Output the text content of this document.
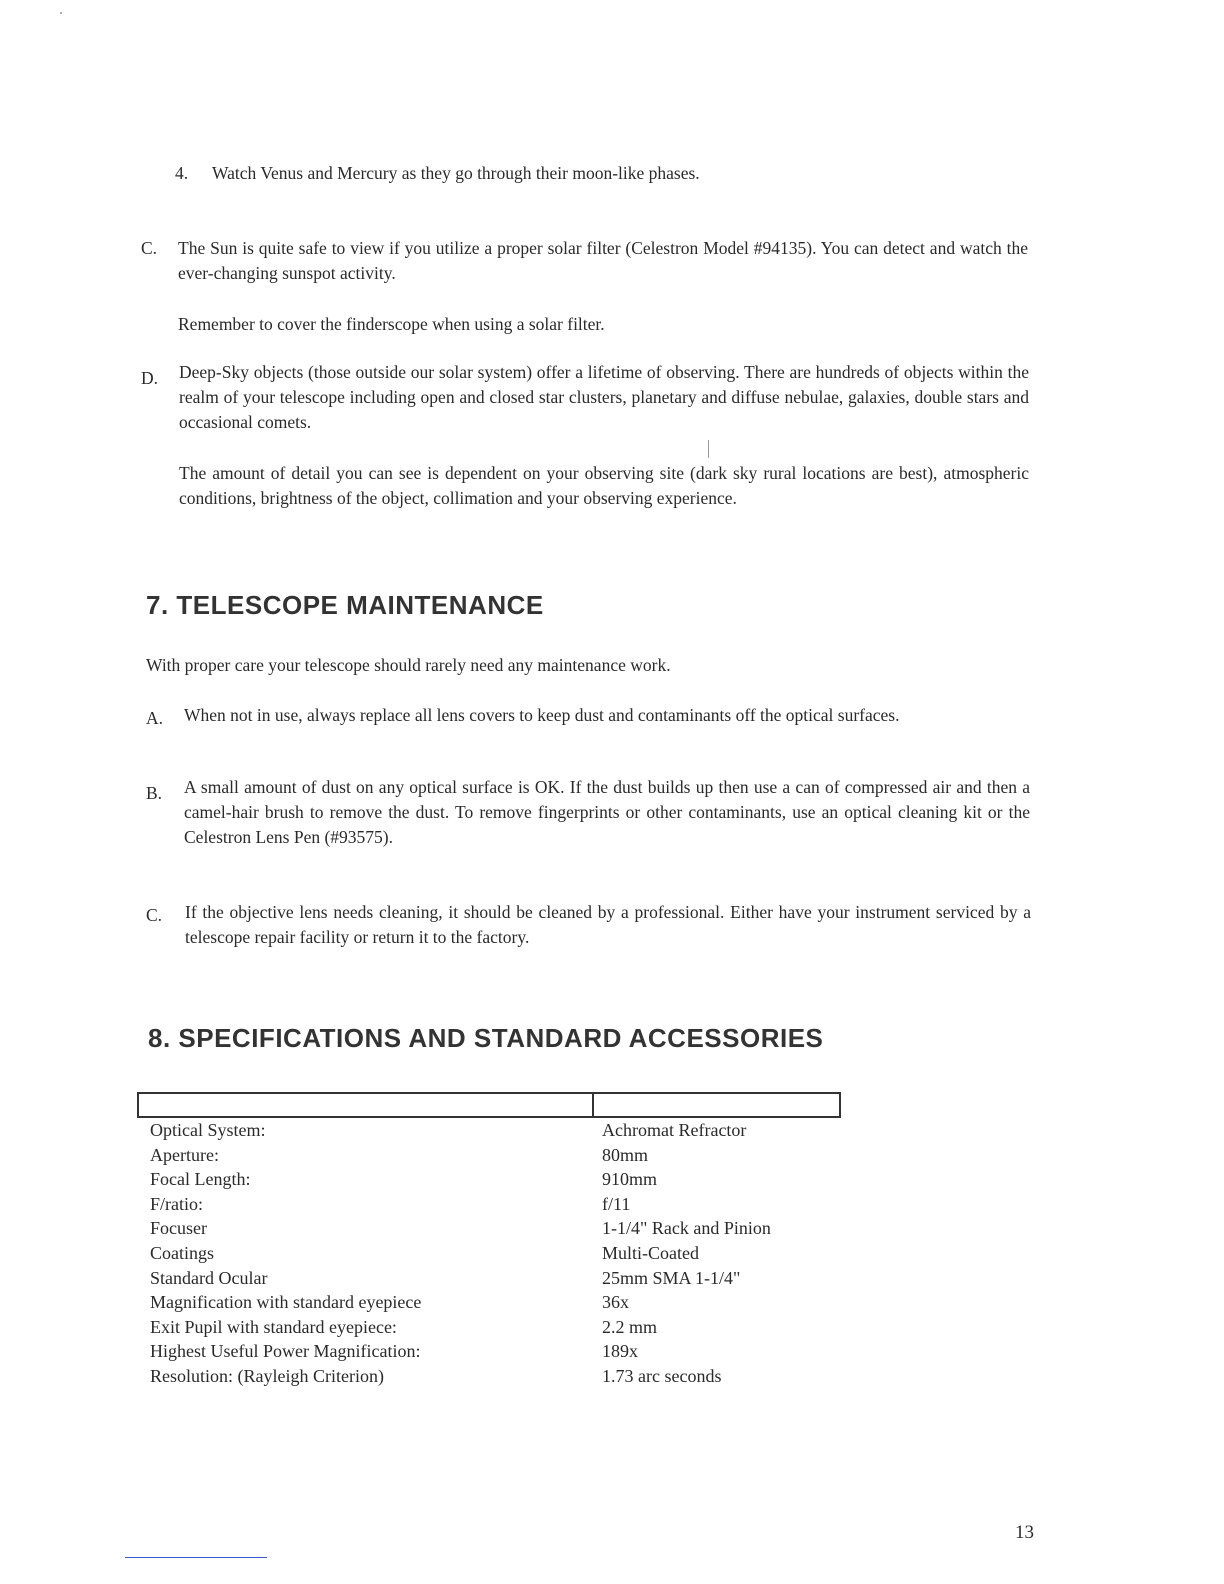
4. Watch Venus and Mercury as they go through their moon-like phases.
C. The Sun is quite safe to view if you utilize a proper solar filter (Celestron Model #94135). You can detect and watch the ever-changing sunspot activity.
Remember to cover the finderscope when using a solar filter.
D. Deep-Sky objects (those outside our solar system) offer a lifetime of observing. There are hundreds of objects within the realm of your telescope including open and closed star clusters, planetary and diffuse nebulae, galaxies, double stars and occasional comets.
The amount of detail you can see is dependent on your observing site (dark sky rural locations are best), atmospheric conditions, brightness of the object, collimation and your observing experience.
7. TELESCOPE MAINTENANCE
With proper care your telescope should rarely need any maintenance work.
A. When not in use, always replace all lens covers to keep dust and contaminants off the optical surfaces.
B. A small amount of dust on any optical surface is OK. If the dust builds up then use a can of compressed air and then a camel-hair brush to remove the dust. To remove fingerprints or other contaminants, use an optical cleaning kit or the Celestron Lens Pen (#93575).
C. If the objective lens needs cleaning, it should be cleaned by a professional. Either have your instrument serviced by a telescope repair facility or return it to the factory.
8. SPECIFICATIONS AND STANDARD ACCESSORIES
Optical System:	Achromat Refractor
Aperture:	80mm
Focal Length:	910mm
F/ratio:	f/11
Focuser	1-1/4" Rack and Pinion
Coatings	Multi-Coated
Standard Ocular	25mm SMA 1-1/4"
Magnification with standard eyepiece	36x
Exit Pupil with standard eyepiece:	2.2 mm
Highest Useful Power Magnification:	189x
Resolution: (Rayleigh Criterion)	1.73 arc seconds
13
